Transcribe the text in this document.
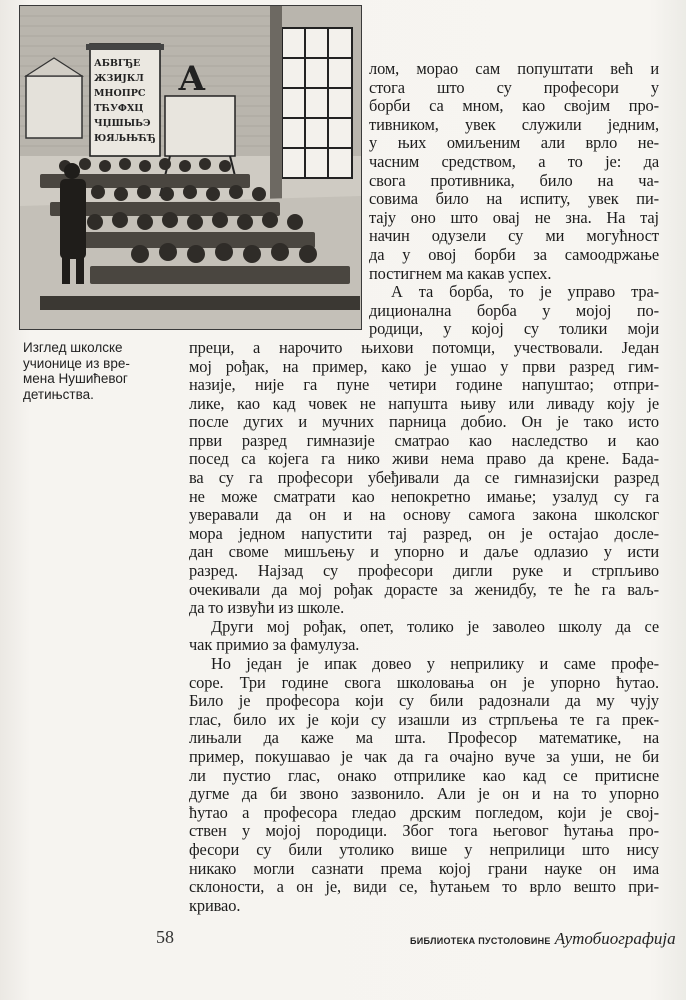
АБВГЂЕ
ЖЗИЈКЛ
МНОПРС
ТЋУФХЦ
ЧЏШЫЬЭ
ЮЯЉЊЋЂ
А
Изглед школске
учионице из вре-
мена Нушићевог
детињства.
лом, морао сам попуштати већ и
стога што су професори у
борби са мном, као својим про-
тивником, увек служили једним,
у њих омиљеним али врло не-
часним средством, а то је: да
свога противника, било на ча-
совима било на испиту, увек пи-
тају оно што овај не зна. На тај
начин одузели су ми могућност
да у овој борби за самоодржање
постигнем ма какав успех.
А та борба, то је управо тра-
диционална борба у мојој по-
родици, у којој су толики моји

преци, а нарочито њихови потомци, учествовали. Један
мој рођак, на пример, како је ушао у први разред гим-
назије, није га пуне четири године напуштао; отпри-
лике, као кад човек не напушта њиву или ливаду коју је
после дугих и мучних парница добио. Он је тако исто
први разред гимназије сматрао као наследство и као
посед са којега га нико живи нема право да крене. Бада-
ва су га професори убеђивали да се гимназијски разред
не може сматрати као непокретно имање; узалуд су га
уверавали да он и на основу самога закона школског
мора једном напустити тај разред, он је остајао досле-
дан своме мишљењу и упорно и даље одлазио у исти
разред. Најзад су професори дигли руке и стрпљиво
очекивали да мој рођак дорасте за женидбу, те ће га ваљ-
да то извући из школе.

Други мој рођак, опет, толико је заволео школу да се
чак примио за фамулуза.

Но један је ипак довео у неприлику и саме профе-
соре. Три године свога школовања он је упорно ћутао.
Било је професора који су били радознали да му чују
глас, било их је који су изашли из стрпљења те га прек-
лињали да каже ма шта. Професор математике, на
пример, покушавао је чак да га очајно вуче за уши, не би
ли пустио глас, онако отприлике као кад се притисне
дугме да би звоно зазвонило. Али је он и на то упорно
ћутао а професора гледао дрским погледом, који је свој-
ствен у мојој породици. Због тога његовог ћутања про-
фесори су били утолико више у неприлици што нису
никако могли сазнати према којој грани науке он има
склоности, а он је, види се, ћутањем то врло вешто при-
кривао.

58	БИБЛИОТЕКА ПУСТОЛОВИНЕ Аутобиографија
